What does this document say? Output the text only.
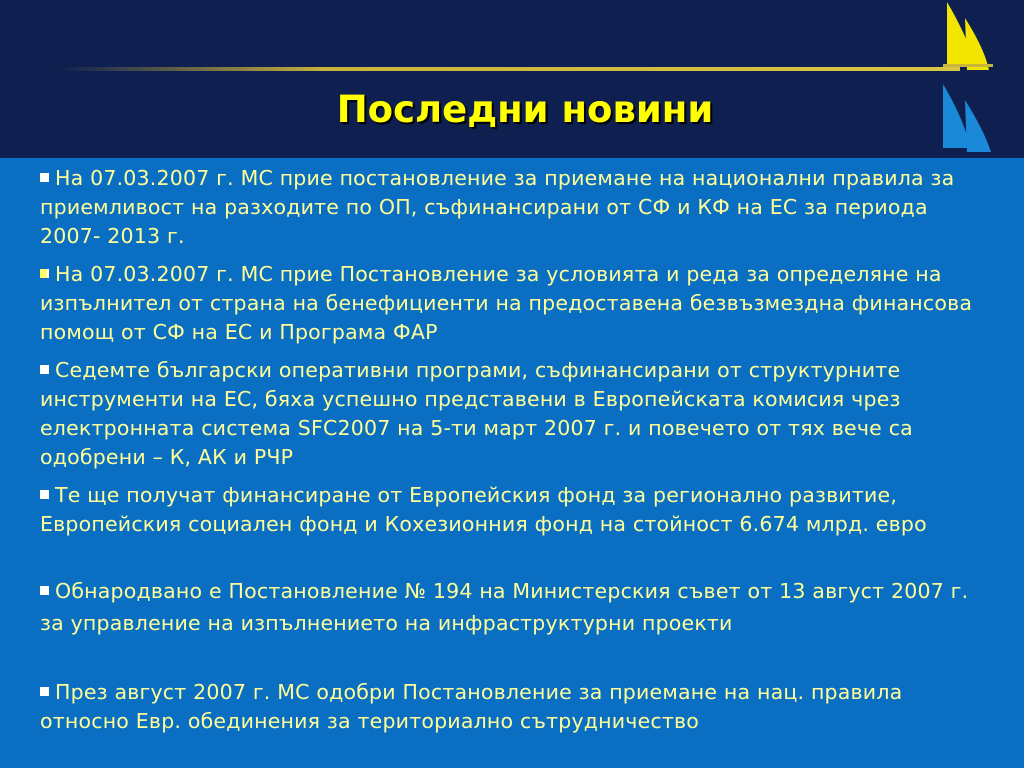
Последни новини
На 07.03.2007 г. МС прие постановление за приемане на национални правила за приемливост на разходите по ОП, съфинансирани от СФ и КФ на ЕС за периода 2007- 2013 г.
На 07.03.2007 г. МС прие Постановление за условията и реда за определяне на изпълнител от страна на бенефициенти на предоставена безвъзмездна финансова помощ от СФ на ЕС и Програма ФАР
Седемте български оперативни програми, съфинансирани от структурните инструменти на ЕС, бяха успешно представени в Европейската комисия чрез електронната система SFC2007 на 5-ти март 2007 г. и повечето от тях вече са одобрени – К, АК и РЧР
Те ще получат финансиране от Европейския фонд за регионално развитие, Европейския социален фонд и Кохезионния фонд на стойност 6.674 млрд. евро
Обнародвано е Постановление № 194 на Министерския съвет от 13 август 2007 г. за управление на изпълнението на инфраструктурни проекти
През август 2007 г. МС одобри Постановление за приемане на нац. правила относно Евр. обединения за териториално сътрудничество
